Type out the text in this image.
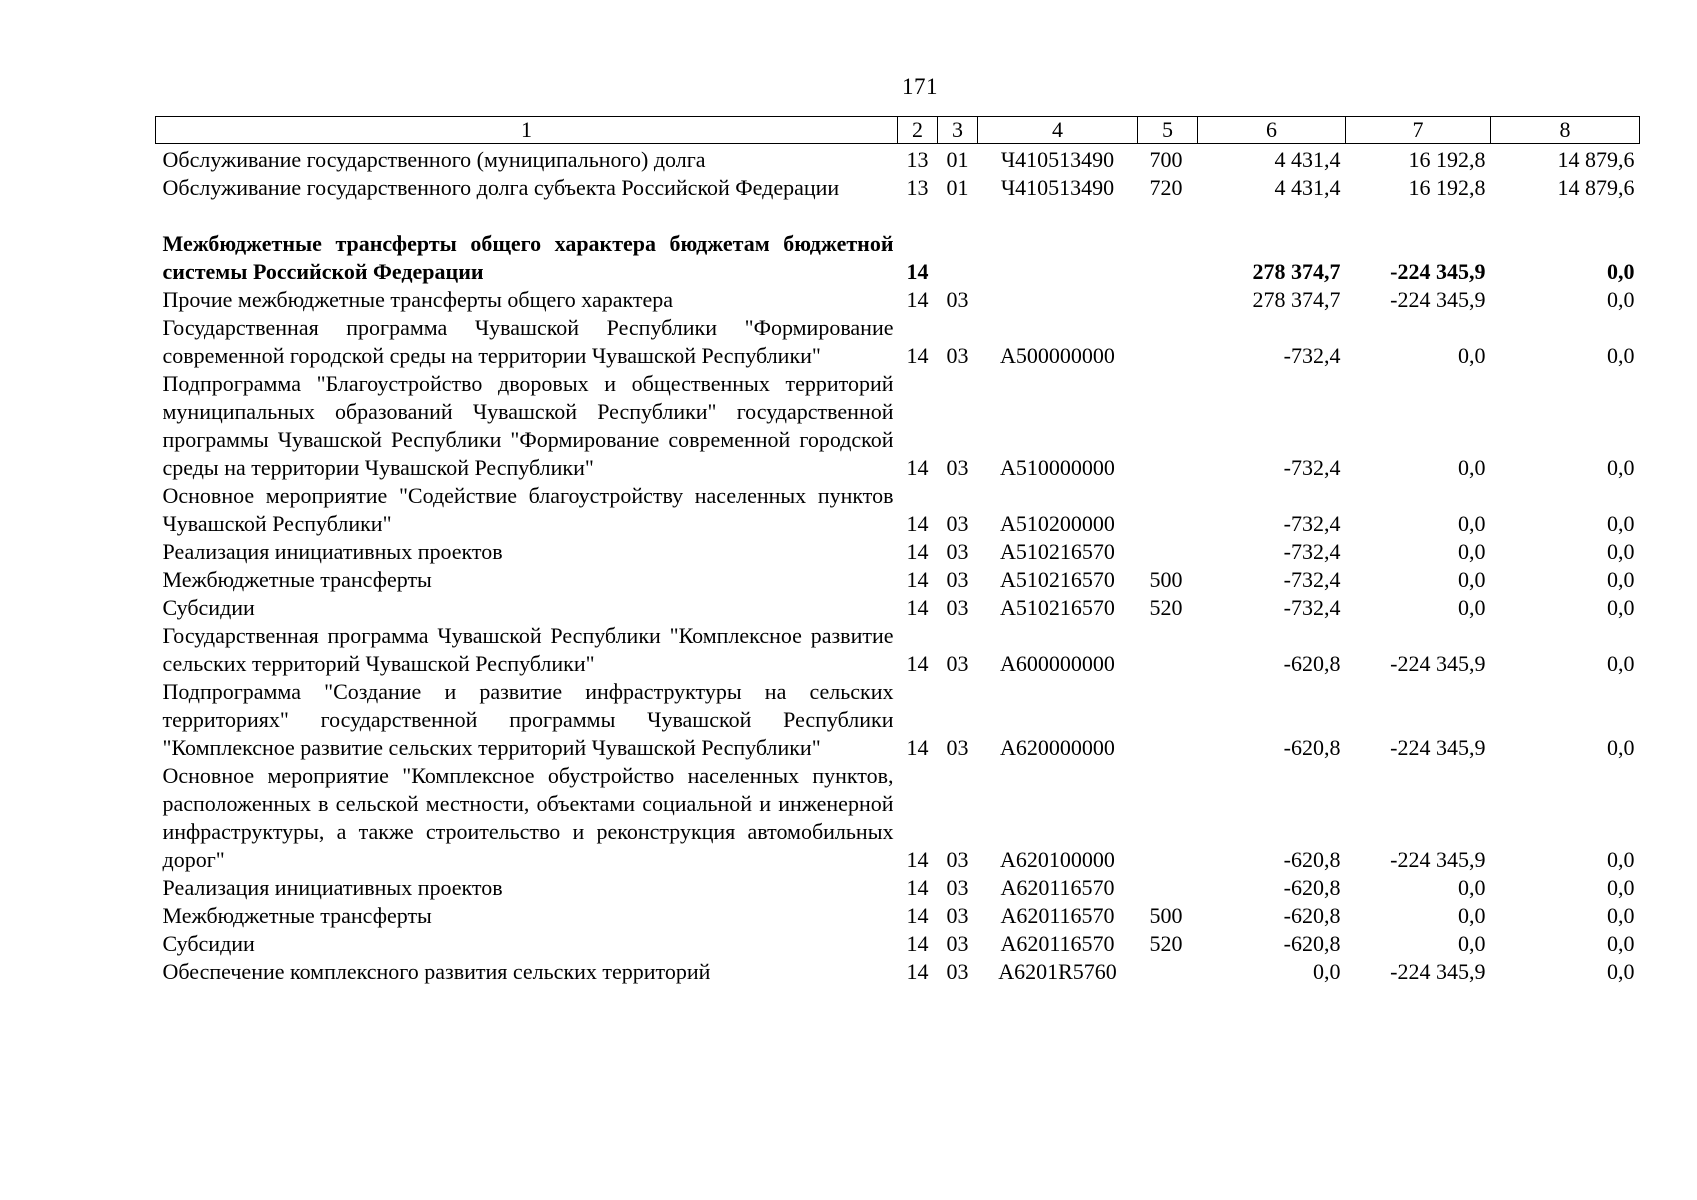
171
1	2	3	4	5	6	7	8
Обслуживание государственного (муниципального) долга	13	01	Ч410513490	700	4 431,4	16 192,8	14 879,6
Обслуживание государственного долга субъекта Российской Федерации	13	01	Ч410513490	720	4 431,4	16 192,8	14 879,6

Межбюджетные трансферты общего характера бюджетам бюджетной системы Российской Федерации	14				278 374,7	-224 345,9	0,0
Прочие межбюджетные трансферты общего характера	14	03			278 374,7	-224 345,9	0,0
Государственная программа Чувашской Республики "Формирование современной городской среды на территории Чувашской Республики"	14	03	А500000000		-732,4	0,0	0,0
Подпрограмма "Благоустройство дворовых и общественных территорий муниципальных образований Чувашской Республики" государственной программы Чувашской Республики "Формирование современной городской среды на территории Чувашской Республики"	14	03	А510000000		-732,4	0,0	0,0
Основное мероприятие "Содействие благоустройству населенных пунктов Чувашской Республики"	14	03	А510200000		-732,4	0,0	0,0
Реализация инициативных проектов	14	03	А510216570		-732,4	0,0	0,0
Межбюджетные трансферты	14	03	А510216570	500	-732,4	0,0	0,0
Субсидии	14	03	А510216570	520	-732,4	0,0	0,0
Государственная программа Чувашской Республики "Комплексное развитие сельских территорий Чувашской Республики"	14	03	А600000000		-620,8	-224 345,9	0,0
Подпрограмма "Создание и развитие инфраструктуры на сельских территориях" государственной программы Чувашской Республики "Комплексное развитие сельских территорий Чувашской Республики"	14	03	А620000000		-620,8	-224 345,9	0,0
Основное мероприятие "Комплексное обустройство населенных пунктов, расположенных в сельской местности, объектами социальной и инженерной инфраструктуры, а также строительство и реконструкция автомобильных дорог"	14	03	А620100000		-620,8	-224 345,9	0,0
Реализация инициативных проектов	14	03	А620116570		-620,8	0,0	0,0
Межбюджетные трансферты	14	03	А620116570	500	-620,8	0,0	0,0
Субсидии	14	03	А620116570	520	-620,8	0,0	0,0
Обеспечение комплексного развития сельских территорий	14	03	А6201R5760		0,0	-224 345,9	0,0
